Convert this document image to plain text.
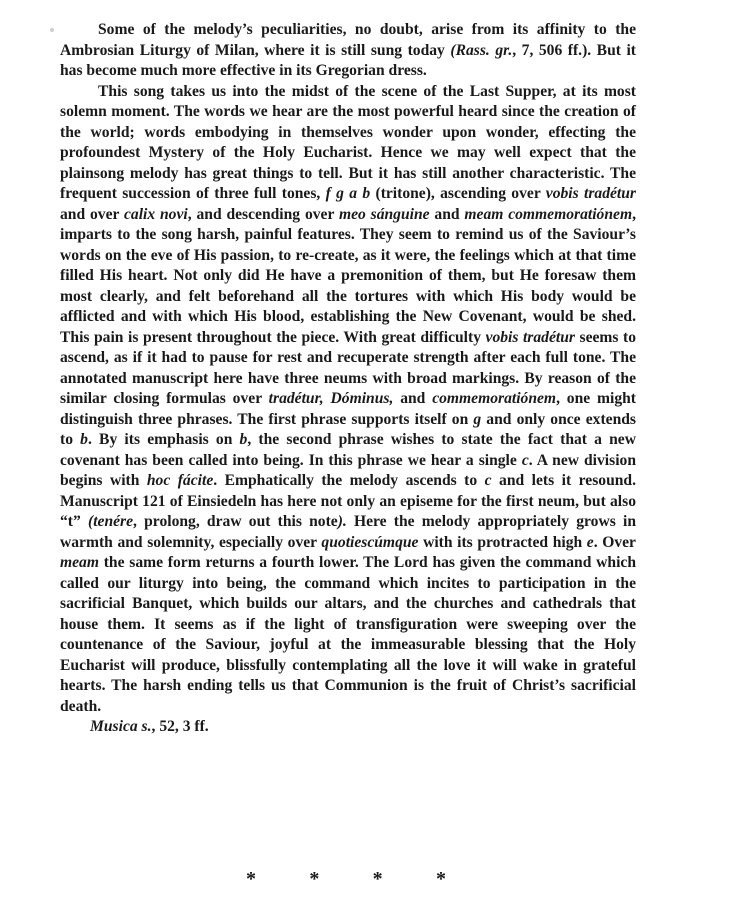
Some of the melody’s peculiarities, no doubt, arise from its affinity to the Ambrosian Liturgy of Milan, where it is still sung today (Rass. gr., 7, 506 ff.). But it has become much more effective in its Gregorian dress.

This song takes us into the midst of the scene of the Last Supper, at its most solemn moment. The words we hear are the most powerful heard since the creation of the world; words embodying in themselves wonder upon wonder, effecting the profoundest Mystery of the Holy Eucharist. Hence we may well expect that the plainsong melody has great things to tell. But it has still another characteristic. The frequent succession of three full tones, f g a b (tritone), ascending over vobis tradétur and over calix novi, and descending over meo sánguine and meam commemoratiónem, imparts to the song harsh, painful features. They seem to remind us of the Saviour’s words on the eve of His passion, to re-create, as it were, the feelings which at that time filled His heart. Not only did He have a premonition of them, but He foresaw them most clearly, and felt beforehand all the tortures with which His body would be afflicted and with which His blood, establishing the New Covenant, would be shed. This pain is present throughout the piece. With great difficulty vobis tradétur seems to ascend, as if it had to pause for rest and recuperate strength after each full tone. The annotated manuscript here have three neums with broad markings. By reason of the similar closing formulas over tradétur, Dóminus, and commemoratiónem, one might distinguish three phrases. The first phrase supports itself on g and only once extends to b. By its emphasis on b, the second phrase wishes to state the fact that a new covenant has been called into being. In this phrase we hear a single c. A new division begins with hoc fácite. Emphatically the melody ascends to c and lets it resound. Manuscript 121 of Einsiedeln has here not only an episeme for the first neum, but also “t” (tenére, prolong, draw out this note). Here the melody appropriately grows in warmth and solemnity, especially over quotiescúmque with its protracted high e. Over meam the same form returns a fourth lower. The Lord has given the command which called our liturgy into being, the command which incites to participation in the sacrificial Banquet, which builds our altars, and the churches and cathedrals that house them. It seems as if the light of transfiguration were sweeping over the countenance of the Saviour, joyful at the immeasurable blessing that the Holy Eucharist will produce, blissfully contemplating all the love it will wake in grateful hearts. The harsh ending tells us that Communion is the fruit of Christ’s sacrificial death.

Musica s., 52, 3 ff.

*	*	*	*
